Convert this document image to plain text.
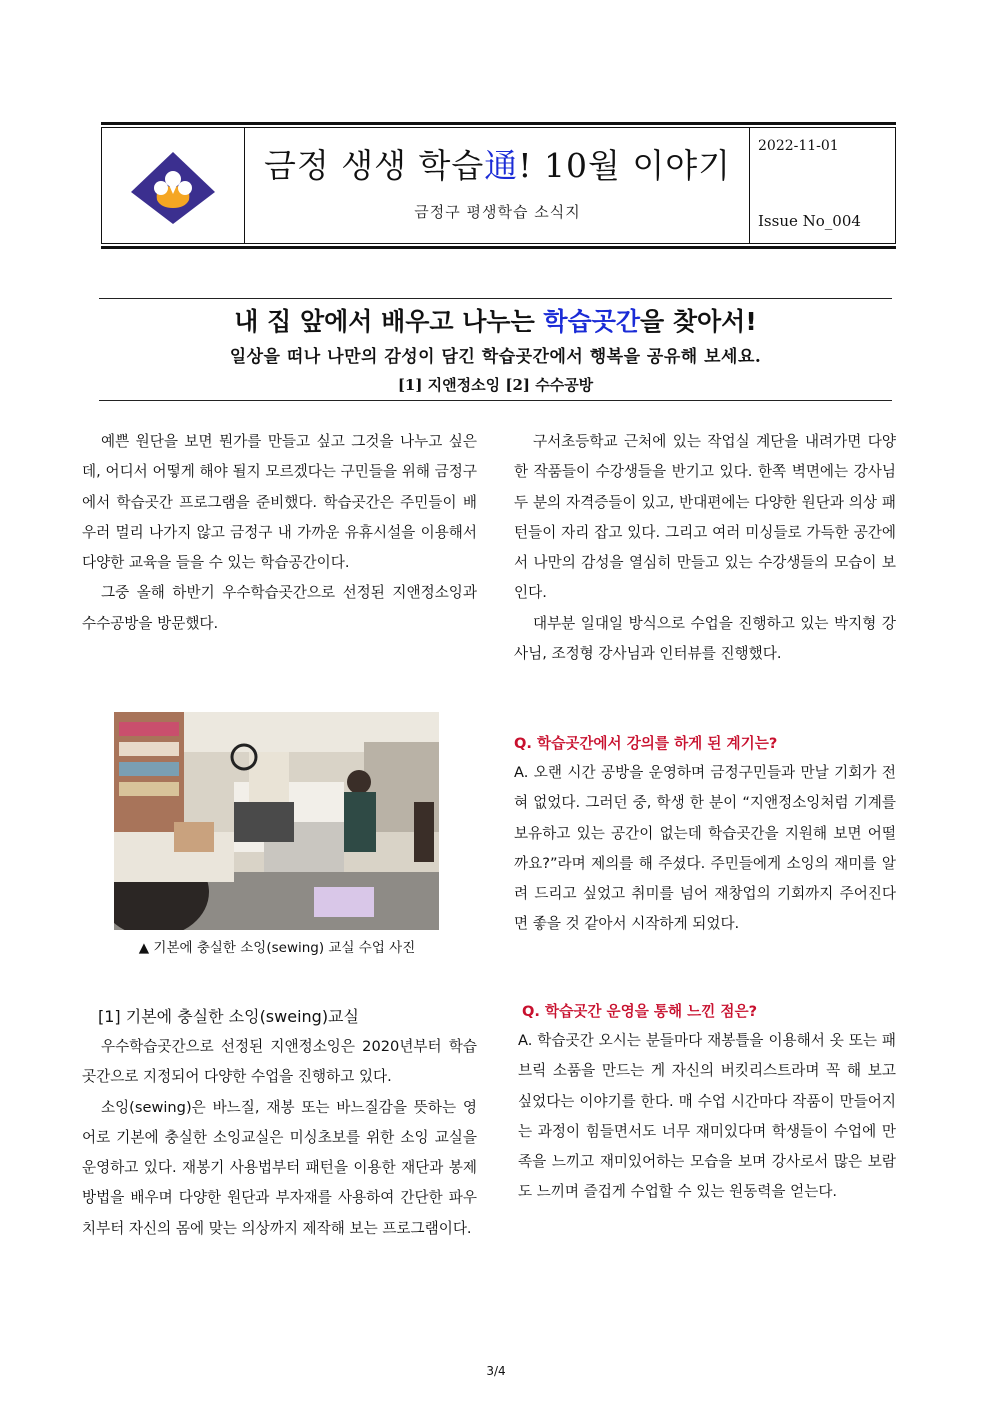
금정 생생 학습通! 10월 이야기
금정구 평생학습 소식지
2022-11-01
Issue No_004
내 집 앞에서 배우고 나누는 학습곳간을 찾아서!
일상을 떠나 나만의 감성이 담긴 학습곳간에서 행복을 공유해 보세요.
[1] 지앤정소잉 [2] 수수공방

예쁜 원단을 보면 뭔가를 만들고 싶고 그것을 나누고 싶은데, 어디서 어떻게 해야 될지 모르겠다는 구민들을 위해 금정구에서 학습곳간 프로그램을 준비했다. 학습곳간은 주민들이 배우러 멀리 나가지 않고 금정구 내 가까운 유휴시설을 이용해서 다양한 교육을 들을 수 있는 학습공간이다.

그중 올해 하반기 우수학습곳간으로 선정된 지앤정소잉과 수수공방을 방문했다.

▲ 기본에 충실한 소잉(sewing) 교실 수업 사진
[1] 기본에 충실한 소잉(sweing)교실

우수학습곳간으로 선정된 지앤정소잉은 2020년부터 학습곳간으로 지정되어 다양한 수업을 진행하고 있다.

소잉(sewing)은 바느질, 재봉 또는 바느질감을 뜻하는 영어로 기본에 충실한 소잉교실은 미싱초보를 위한 소잉 교실을 운영하고 있다. 재봉기 사용법부터 패턴을 이용한 재단과 봉제 방법을 배우며 다양한 원단과 부자재를 사용하여 간단한 파우치부터 자신의 몸에 맞는 의상까지 제작해 보는 프로그램이다.

구서초등학교 근처에 있는 작업실 계단을 내려가면 다양한 작품들이 수강생들을 반기고 있다. 한쪽 벽면에는 강사님 두 분의 자격증들이 있고, 반대편에는 다양한 원단과 의상 패턴들이 자리 잡고 있다. 그리고 여러 미싱들로 가득한 공간에서 나만의 감성을 열심히 만들고 있는 수강생들의 모습이 보인다.

대부분 일대일 방식으로 수업을 진행하고 있는 박지형 강사님, 조정형 강사님과 인터뷰를 진행했다.

Q. 학습곳간에서 강의를 하게 된 계기는?

A. 오랜 시간 공방을 운영하며 금정구민들과 만날 기회가 전혀 없었다. 그러던 중, 학생 한 분이 “지앤정소잉처럼 기계를 보유하고 있는 공간이 없는데 학습곳간을 지원해 보면 어떨까요?”라며 제의를 해 주셨다. 주민들에게 소잉의 재미를 알려 드리고 싶었고 취미를 넘어 재창업의 기회까지 주어진다면 좋을 것 같아서 시작하게 되었다.

Q. 학습곳간 운영을 통해 느낀 점은?

A. 학습곳간 오시는 분들마다 재봉틀을 이용해서 옷 또는 패브릭 소품을 만드는 게 자신의 버킷리스트라며 꼭 해 보고 싶었다는 이야기를 한다. 매 수업 시간마다 작품이 만들어지는 과정이 힘들면서도 너무 재미있다며 학생들이 수업에 만족을 느끼고 재미있어하는 모습을 보며 강사로서 많은 보람도 느끼며 즐겁게 수업할 수 있는 원동력을 얻는다.

3/4
